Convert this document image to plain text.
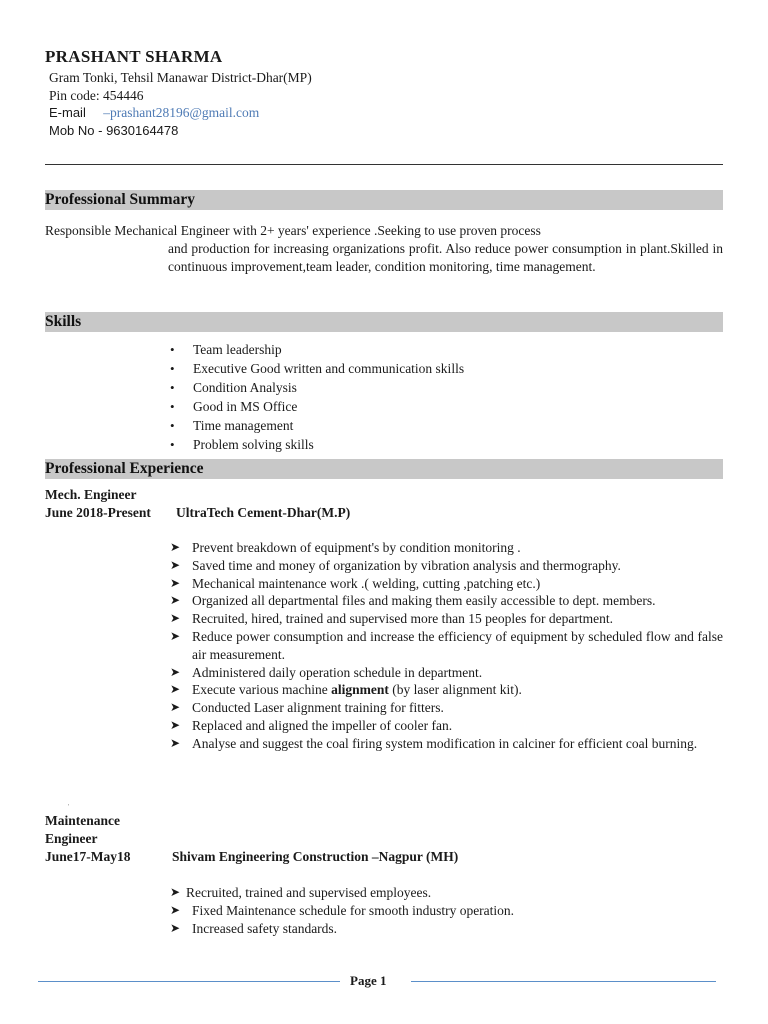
PRASHANT SHARMA
Gram Tonki, Tehsil Manawar District-Dhar(MP)
Pin code: 454446
E-mail –prashant28196@gmail.com
Mob No - 9630164478
Professional Summary
Responsible Mechanical Engineer with 2+ years' experience .Seeking to use proven process
and production for increasing organizations profit. Also reduce power consumption in plant.Skilled in continuous improvement,team leader, condition monitoring, time management.
Skills
• Team leadership
• Executive Good written and communication skills
• Condition Analysis
• Good in MS Office
• Time management
• Problem solving skills
Professional Experience
Mech. Engineer
June 2018-Present UltraTech Cement-Dhar(M.P)
➤ Prevent breakdown of equipment's by condition monitoring .
➤ Saved time and money of organization by vibration analysis and thermography.
➤ Mechanical maintenance work .( welding, cutting ,patching etc.)
➤ Organized all departmental files and making them easily accessible to dept. members.
➤ Recruited, hired, trained and supervised more than 15 peoples for department.
➤ Reduce power consumption and increase the efficiency of equipment by scheduled flow and false air measurement.
➤ Administered daily operation schedule in department.
➤ Execute various machine alignment (by laser alignment kit).
➤ Conducted Laser alignment training for fitters.
➤ Replaced and aligned the impeller of cooler fan.
➤ Analyse and suggest the coal firing system modification in calciner for efficient coal burning.
'
Maintenance
Engineer
June17-May18	Shivam Engineering Construction –Nagpur (MH)
➤ Recruited, trained and supervised employees.
➤ Fixed Maintenance schedule for smooth industry operation.
➤ Increased safety standards.
Page 1
